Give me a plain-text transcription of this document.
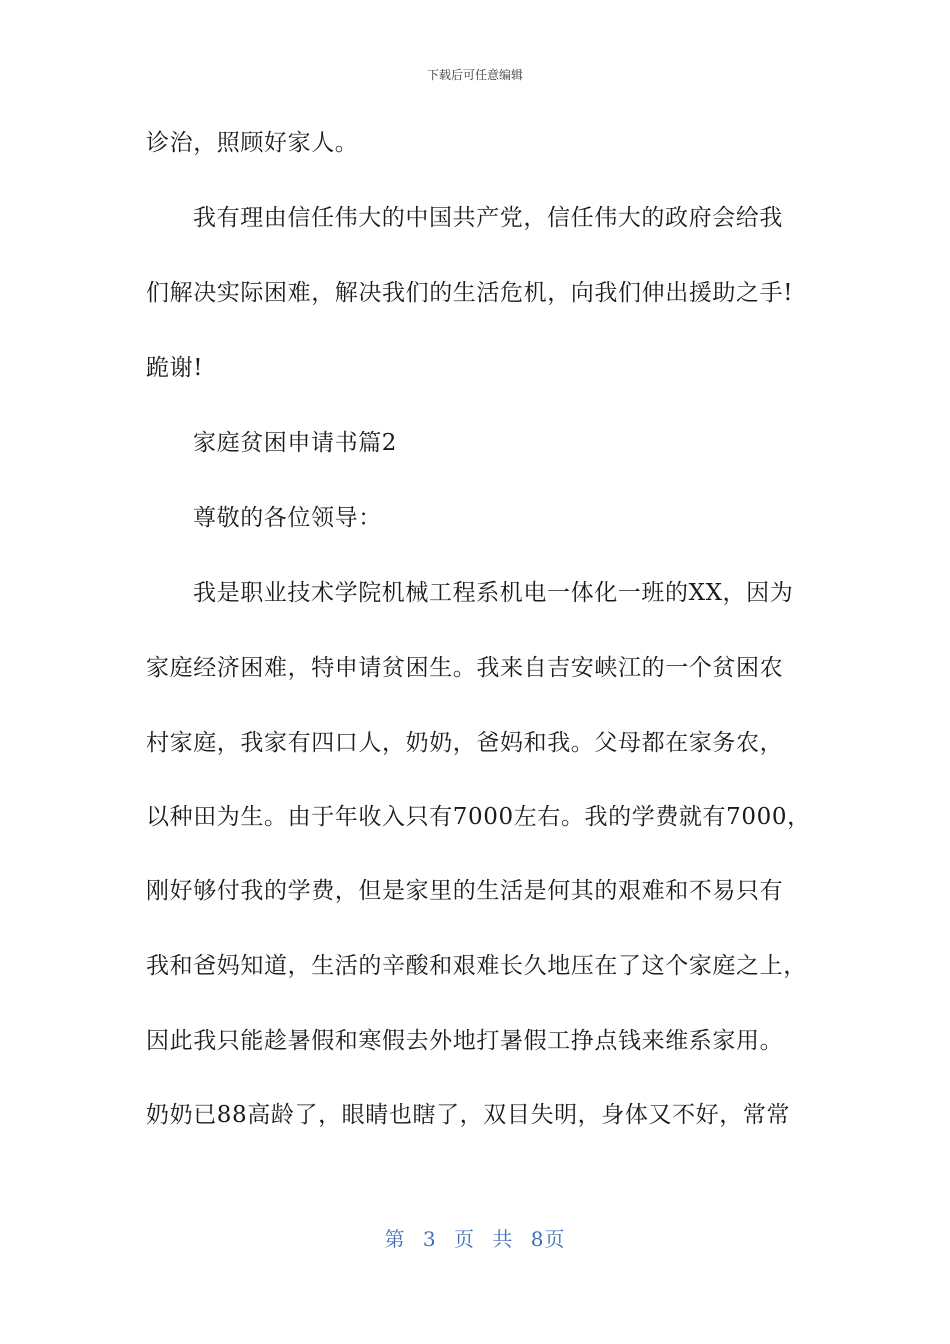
下载后可任意编辑
诊治，照顾好家人。
我有理由信任伟大的中国共产党，信任伟大的政府会给我
们解决实际困难，解决我们的生活危机，向我们伸出援助之手!
跪谢!
家庭贫困申请书篇2
尊敬的各位领导：
我是职业技术学院机械工程系机电一体化一班的XX，因为
家庭经济困难，特申请贫困生。我来自吉安峡江的一个贫困农
村家庭，我家有四口人，奶奶，爸妈和我。父母都在家务农，
以种田为生。由于年收入只有7000左右。我的学费就有7000，
刚好够付我的学费，但是家里的生活是何其的艰难和不易只有
我和爸妈知道，生活的辛酸和艰难长久地压在了这个家庭之上，
因此我只能趁暑假和寒假去外地打暑假工挣点钱来维系家用。
奶奶已88高龄了，眼睛也瞎了，双目失明，身体又不好，常常
第 3 页 共 8页
